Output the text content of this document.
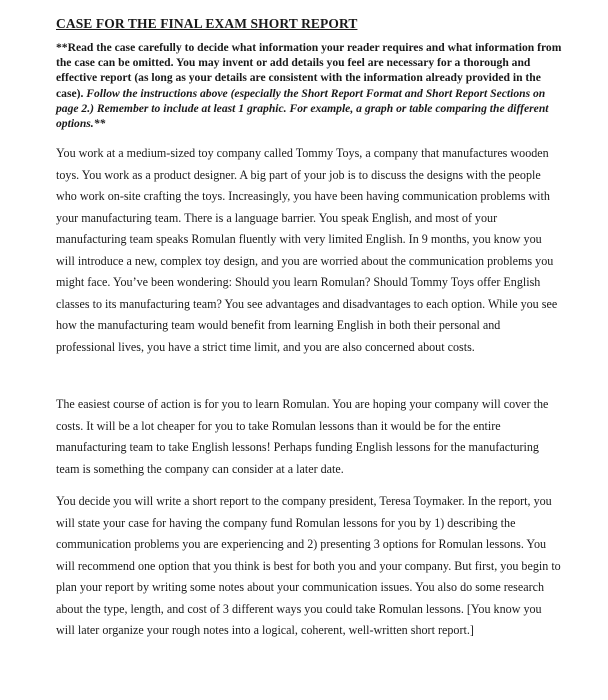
CASE FOR THE FINAL EXAM SHORT REPORT

**Read the case carefully to decide what information your reader requires and what information from the case can be omitted. You may invent or add details you feel are necessary for a thorough and effective report (as long as your details are consistent with the information already provided in the case). Follow the instructions above (especially the Short Report Format and Short Report Sections on page 2.) Remember to include at least 1 graphic. For example, a graph or table comparing the different options.**

You work at a medium-sized toy company called Tommy Toys, a company that manufactures wooden toys. You work as a product designer. A big part of your job is to discuss the designs with the people who work on-site crafting the toys. Increasingly, you have been having communication problems with your manufacturing team. There is a language barrier. You speak English, and most of your manufacturing team speaks Romulan fluently with very limited English. In 9 months, you know you will introduce a new, complex toy design, and you are worried about the communication problems you might face. You’ve been wondering: Should you learn Romulan? Should Tommy Toys offer English classes to its manufacturing team? You see advantages and disadvantages to each option. While you see how the manufacturing team would benefit from learning English in both their personal and professional lives, you have a strict time limit, and you are also concerned about costs.

The easiest course of action is for you to learn Romulan. You are hoping your company will cover the costs. It will be a lot cheaper for you to take Romulan lessons than it would be for the entire manufacturing team to take English lessons! Perhaps funding English lessons for the manufacturing team is something the company can consider at a later date.

You decide you will write a short report to the company president, Teresa Toymaker. In the report, you will state your case for having the company fund Romulan lessons for you by 1) describing the communication problems you are experiencing and 2) presenting 3 options for Romulan lessons. You will recommend one option that you think is best for both you and your company. But first, you begin to plan your report by writing some notes about your communication issues. You also do some research about the type, length, and cost of 3 different ways you could take Romulan lessons. [You know you will later organize your rough notes into a logical, coherent, well-written short report.]
